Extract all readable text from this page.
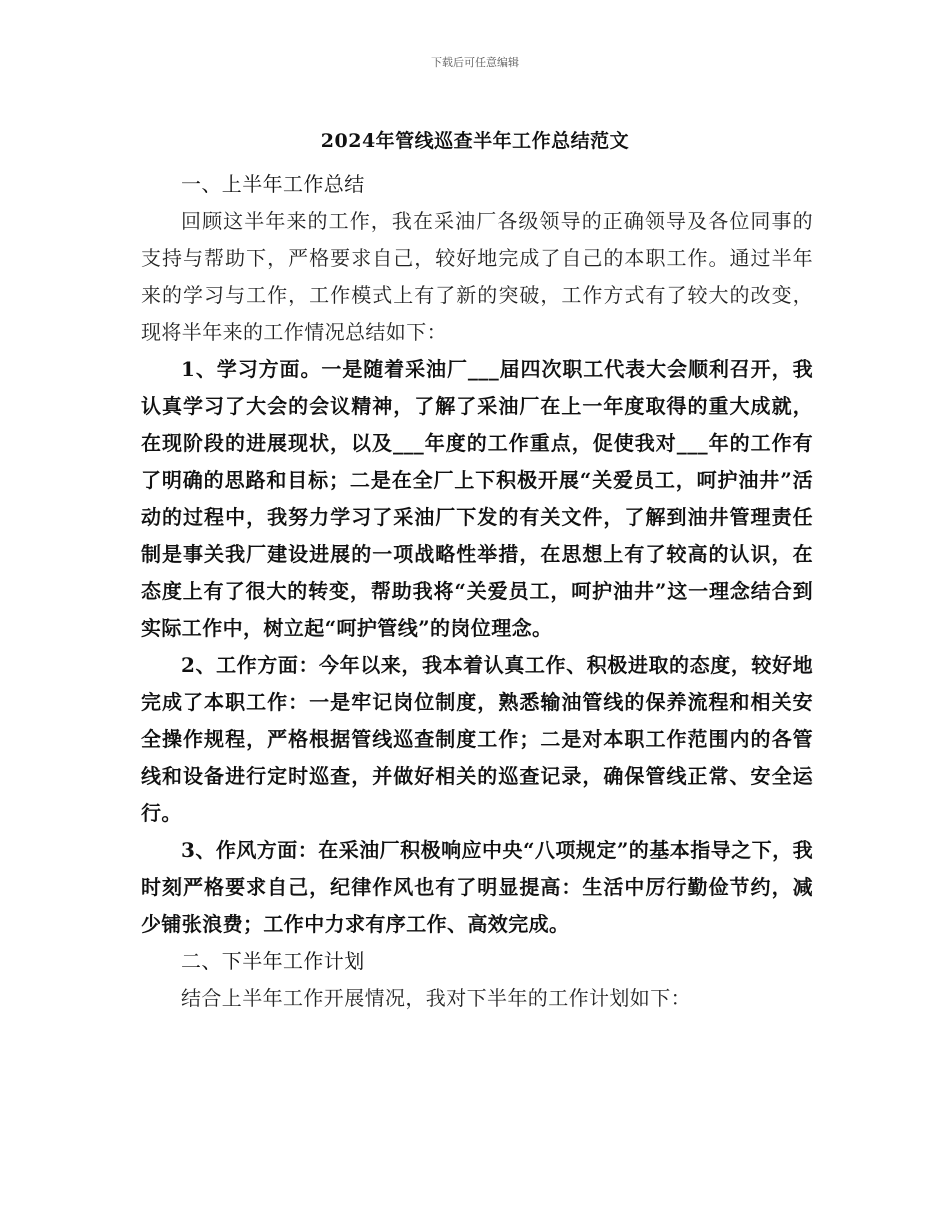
下载后可任意编辑
2024年管线巡查半年工作总结范文

一、上半年工作总结

回顾这半年来的工作，我在采油厂各级领导的正确领导及各位同事的支持与帮助下，严格要求自己，较好地完成了自己的本职工作。通过半年来的学习与工作，工作模式上有了新的突破，工作方式有了较大的改变，现将半年来的工作情况总结如下：

1、学习方面。一是随着采油厂___届四次职工代表大会顺利召开，我认真学习了大会的会议精神，了解了采油厂在上一年度取得的重大成就，在现阶段的进展现状，以及___年度的工作重点，促使我对___年的工作有了明确的思路和目标；二是在全厂上下积极开展“关爱员工，呵护油井”活动的过程中，我努力学习了采油厂下发的有关文件，了解到油井管理责任制是事关我厂建设进展的一项战略性举措，在思想上有了较高的认识，在态度上有了很大的转变，帮助我将“关爱员工，呵护油井”这一理念结合到实际工作中，树立起“呵护管线”的岗位理念。

2、工作方面：今年以来，我本着认真工作、积极进取的态度，较好地完成了本职工作：一是牢记岗位制度，熟悉输油管线的保养流程和相关安全操作规程，严格根据管线巡查制度工作；二是对本职工作范围内的各管线和设备进行定时巡查，并做好相关的巡查记录，确保管线正常、安全运行。

3、作风方面：在采油厂积极响应中央“八项规定”的基本指导之下，我时刻严格要求自己，纪律作风也有了明显提高：生活中厉行勤俭节约，减少铺张浪费；工作中力求有序工作、高效完成。

二、下半年工作计划

结合上半年工作开展情况，我对下半年的工作计划如下：
